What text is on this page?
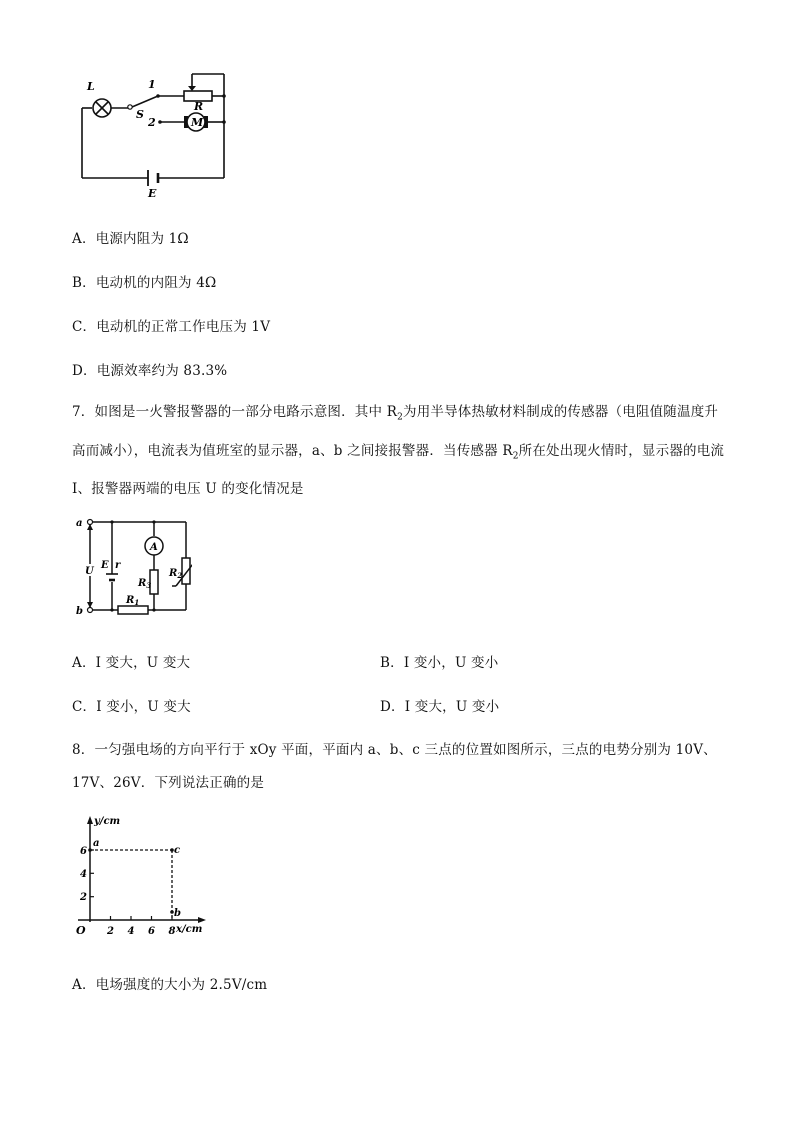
M
L
S
1
2
R
E
A．电源内阻为 1Ω
B．电动机的内阻为 4Ω
C．电动机的正常工作电压为 1V
D．电源效率约为 83.3%
7．如图是一火警报警器的一部分电路示意图．其中 $R_2$为用半导体热敏材料制成的传感器（电阻值随温度升高而减小），电流表为值班室的显示器，a、b 之间接报警器．当传感器 $R_2$所在处出现火情时，显示器的电流 I、报警器两端的电压 U 的变化情况是
a
b
U
E r
A
$R_3$
$R_2$
$R_1$
A．I 变大，U 变大	B．I 变小，U 变小
C．I 变小，U 变大	D．I 变大，U 变小
8．一匀强电场的方向平行于 xOy 平面，平面内 a、b、c 三点的位置如图所示，三点的电势分别为 10V、
17V、26V．下列说法正确的是
y/cm
x/cm
O
a
c
b
2 4 6 8
2
4
6
A．电场强度的大小为 2.5V/cm
